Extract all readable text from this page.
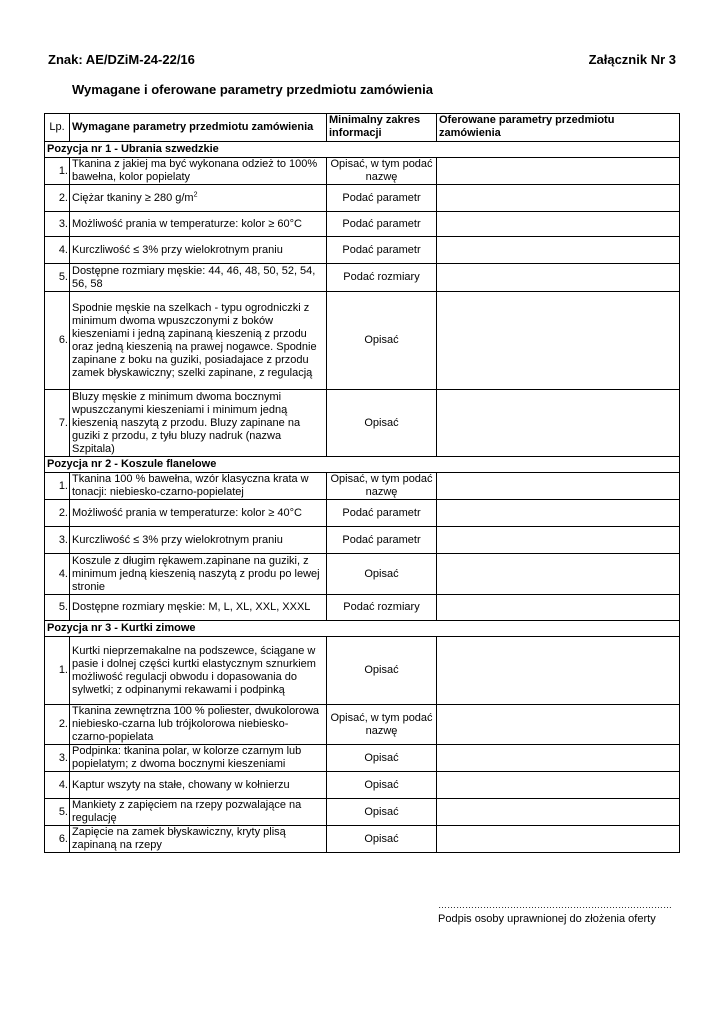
Znak: AE/DZiM-24-22/16	Załącznik Nr 3
Wymagane i oferowane parametry przedmiotu zamówienia
Lp.	Wymagane parametry przedmiotu zamówienia	Minimalny zakres informacji	Oferowane parametry przedmiotu zamówienia
Pozycja nr 1 - Ubrania szwedzkie			
1.	Tkanina z jakiej ma być wykonana odzież to 100% bawełna, kolor popielaty	Opisać, w tym podać nazwę	
2.	Ciężar tkaniny ≥ 280 $g/m^2$	Podać parametr	
3.	Możliwość prania w temperaturze: kolor ≥ 60°C	Podać parametr	
4.	Kurczliwość ≤ 3% przy wielokrotnym praniu	Podać parametr	
5.	Dostępne rozmiary męskie: 44, 46, 48, 50, 52, 54, 56, 58	Podać rozmiary	
6.	Spodnie męskie na szelkach - typu ogrodniczki z minimum dwoma wpuszczonymi z boków kieszeniami i jedną zapinaną kieszenią z przodu oraz jedną kieszenią na prawej nogawce. Spodnie zapinane z boku na guziki, posiadajace z przodu zamek błyskawiczny; szelki zapinane, z regulacją	Opisać	
7.	Bluzy męskie z minimum dwoma bocznymi wpuszczanymi kieszeniami i minimum jedną kieszenią naszytą z przodu. Bluzy zapinane na guziki z przodu, z tyłu bluzy nadruk (nazwa Szpitala)	Opisać	
Pozycja nr 2 - Koszule flanelowe			
1.	Tkanina 100 % bawełna, wzór klasyczna krata w tonacji: niebiesko-czarno-popielatej	Opisać, w tym podać nazwę	
2.	Możliwość prania w temperaturze: kolor ≥ 40°C	Podać parametr	
3.	Kurczliwość ≤ 3% przy wielokrotnym praniu	Podać parametr	
4.	Koszule z długim rękawem.zapinane na guziki, z minimum jedną kieszenią naszytą z produ po lewej stronie	Opisać	
5.	Dostępne rozmiary męskie: M, L, XL, XXL, XXXL	Podać rozmiary	
Pozycja nr 3 - Kurtki zimowe			
1.	Kurtki nieprzemakalne na podszewce, ściągane w pasie i dolnej części kurtki elastycznym sznurkiem możliwość regulacji obwodu i dopasowania do sylwetki; z odpinanymi rekawami i podpinką	Opisać	
2.	Tkanina zewnętrzna 100 % poliester, dwukolorowa niebiesko-czarna lub trójkolorowa niebiesko-czarno-popielata	Opisać, w tym podać nazwę	
3.	Podpinka: tkanina polar, w kolorze czarnym lub popielatym; z dwoma bocznymi kieszeniami	Opisać	
4.	Kaptur wszyty na stałe, chowany w kołnierzu	Opisać	
5.	Mankiety z zapięciem na rzepy pozwalające na regulację	Opisać	
6.	Zapięcie na zamek błyskawiczny, kryty plisą zapinaną na rzepy	Opisać	
……………………………………………………………………
Podpis osoby uprawnionej do złożenia oferty
